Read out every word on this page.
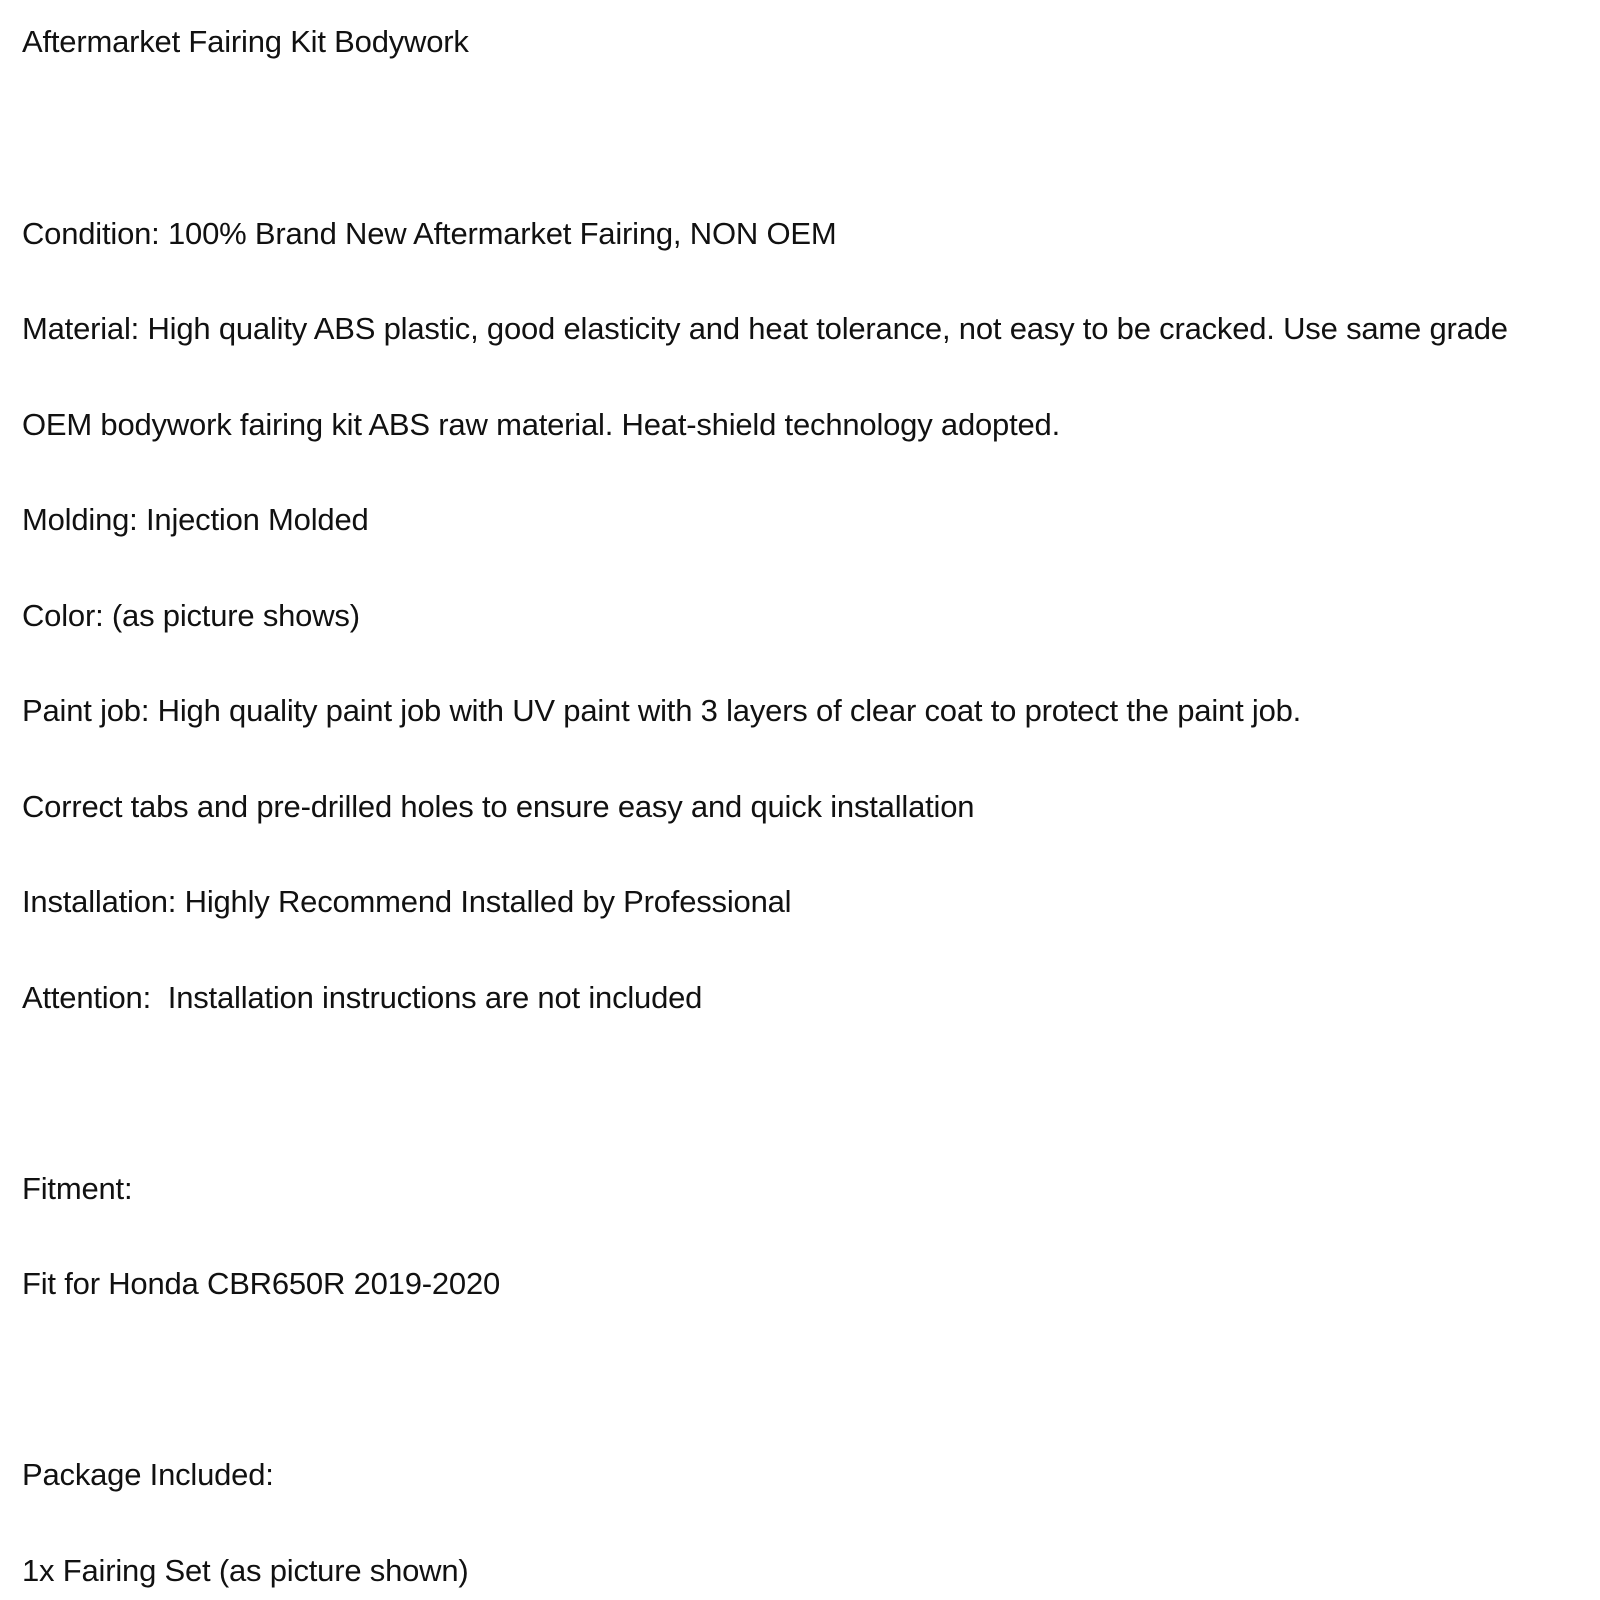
Aftermarket Fairing Kit Bodywork
Condition: 100% Brand New Aftermarket Fairing, NON OEM
Material: High quality ABS plastic, good elasticity and heat tolerance, not easy to be cracked. Use same grade
OEM bodywork fairing kit ABS raw material. Heat-shield technology adopted.
Molding: Injection Molded
Color: (as picture shows)
Paint job: High quality paint job with UV paint with 3 layers of clear coat to protect the paint job.
Correct tabs and pre-drilled holes to ensure easy and quick installation
Installation: Highly Recommend Installed by Professional
Attention:  Installation instructions are not included
Fitment:
Fit for Honda CBR650R 2019-2020
Package Included:
1x Fairing Set (as picture shown)
